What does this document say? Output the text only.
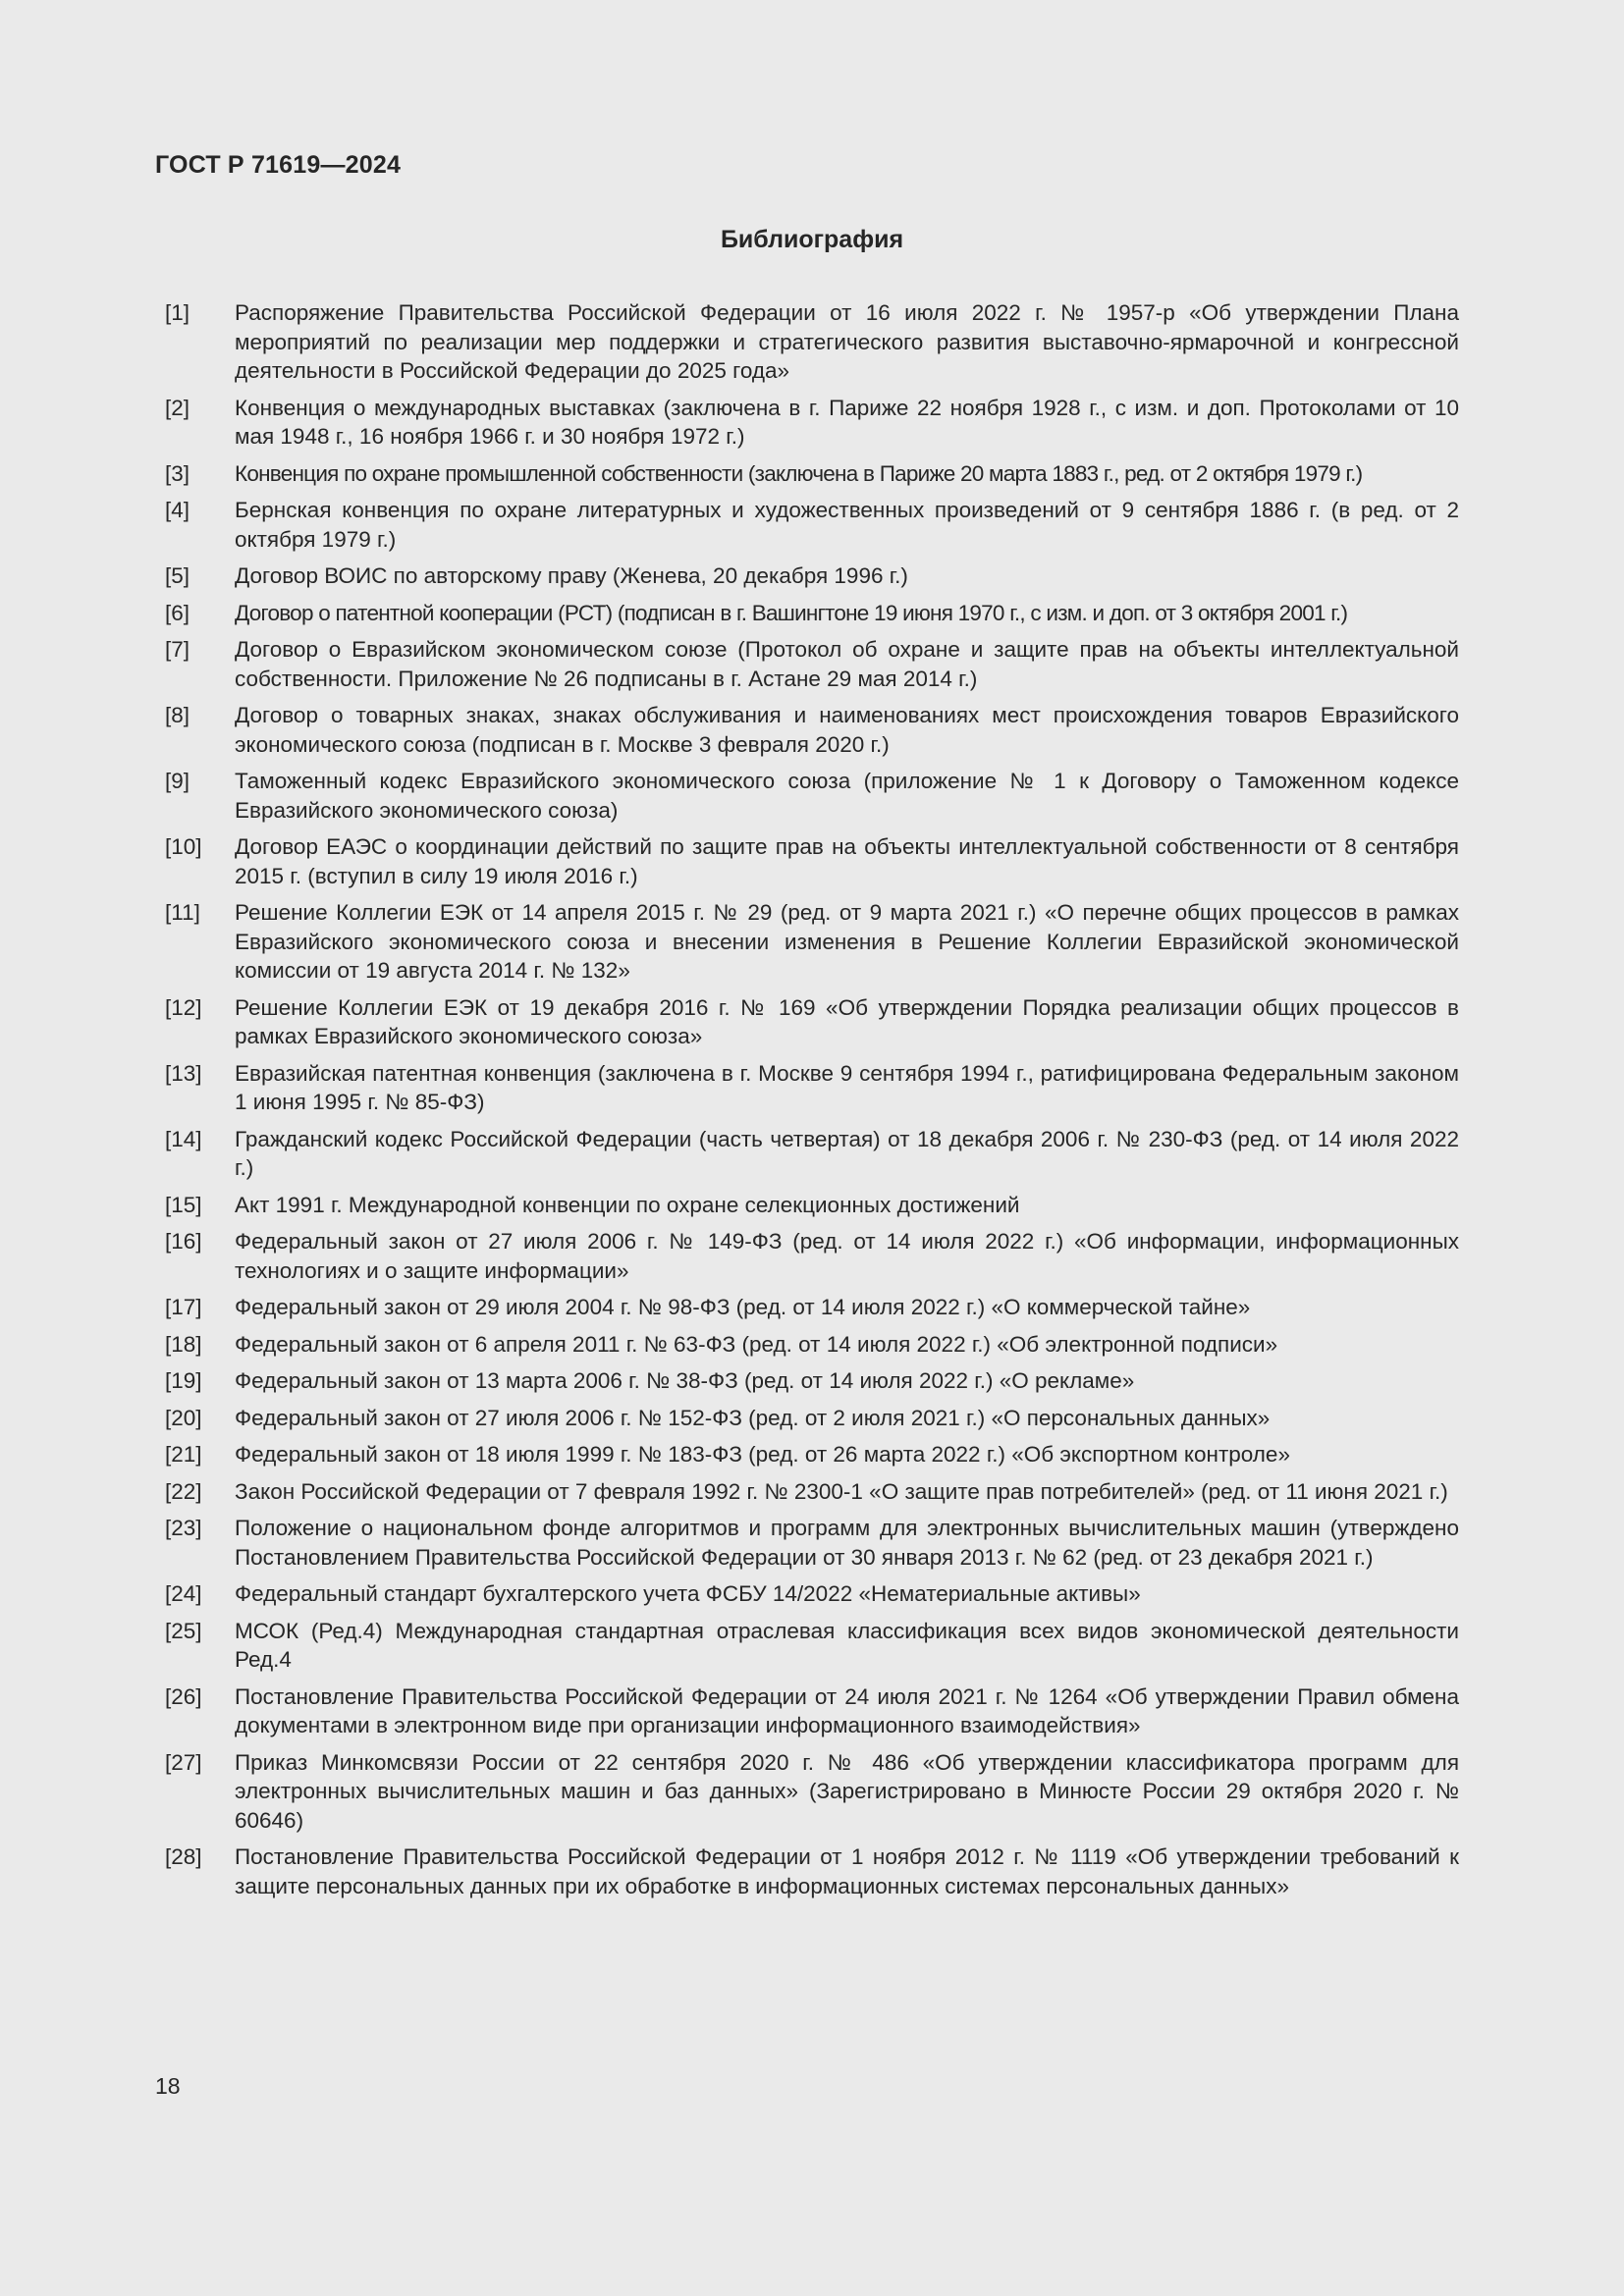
ГОСТ Р 71619—2024
Библиография
[1]	Распоряжение Правительства Российской Федерации от 16 июля 2022 г. № 1957-р «Об утверждении Плана мероприятий по реализации мер поддержки и стратегического развития выставочно-ярмарочной и конгрессной деятельности в Российской Федерации до 2025 года»
[2]	Конвенция о международных выставках (заключена в г. Париже 22 ноября 1928 г., с изм. и доп. Протоколами от 10 мая 1948 г., 16 ноября 1966 г. и 30 ноября 1972 г.)
[3]	Конвенция по охране промышленной собственности (заключена в Париже 20 марта 1883 г., ред. от 2 октября 1979 г.)
[4]	Бернская конвенция по охране литературных и художественных произведений от 9 сентября 1886 г. (в ред. от 2 октября 1979 г.)
[5]	Договор ВОИС по авторскому праву (Женева, 20 декабря 1996 г.)
[6]	Договор о патентной кооперации (РСТ) (подписан в г. Вашингтоне 19 июня 1970 г., с изм. и доп. от 3 октября 2001 г.)
[7]	Договор о Евразийском экономическом союзе (Протокол об охране и защите прав на объекты интеллектуальной собственности. Приложение № 26 подписаны в г. Астане 29 мая 2014 г.)
[8]	Договор о товарных знаках, знаках обслуживания и наименованиях мест происхождения товаров Евразийского экономического союза (подписан в г. Москве 3 февраля 2020 г.)
[9]	Таможенный кодекс Евразийского экономического союза (приложение № 1 к Договору о Таможенном кодексе Евразийского экономического союза)
[10]	Договор ЕАЭС о координации действий по защите прав на объекты интеллектуальной собственности от 8 сентября 2015 г. (вступил в силу 19 июля 2016 г.)
[11]	Решение Коллегии ЕЭК от 14 апреля 2015 г. № 29 (ред. от 9 марта 2021 г.) «О перечне общих процессов в рамках Евразийского экономического союза и внесении изменения в Решение Коллегии Евразийской экономической комиссии от 19 августа 2014 г. № 132»
[12]	Решение Коллегии ЕЭК от 19 декабря 2016 г. № 169 «Об утверждении Порядка реализации общих процессов в рамках Евразийского экономического союза»
[13]	Евразийская патентная конвенция (заключена в г. Москве 9 сентября 1994 г., ратифицирована Федеральным законом 1 июня 1995 г. № 85-ФЗ)
[14]	Гражданский кодекс Российской Федерации (часть четвертая) от 18 декабря 2006 г. № 230-ФЗ (ред. от 14 июля 2022 г.)
[15]	Акт 1991 г. Международной конвенции по охране селекционных достижений
[16]	Федеральный закон от 27 июля 2006 г. № 149-ФЗ (ред. от 14 июля 2022 г.) «Об информации, информационных технологиях и о защите информации»
[17]	Федеральный закон от 29 июля 2004 г. № 98-ФЗ (ред. от 14 июля 2022 г.) «О коммерческой тайне»
[18]	Федеральный закон от 6 апреля 2011 г. № 63-ФЗ (ред. от 14 июля 2022 г.) «Об электронной подписи»
[19]	Федеральный закон от 13 марта 2006 г. № 38-ФЗ (ред. от 14 июля 2022 г.) «О рекламе»
[20]	Федеральный закон от 27 июля 2006 г. № 152-ФЗ (ред. от 2 июля 2021 г.) «О персональных данных»
[21]	Федеральный закон от 18 июля 1999 г. № 183-ФЗ (ред. от 26 марта 2022 г.) «Об экспортном контроле»
[22]	Закон Российской Федерации от 7 февраля 1992 г. № 2300-1 «О защите прав потребителей» (ред. от 11 июня 2021 г.)
[23]	Положение о национальном фонде алгоритмов и программ для электронных вычислительных машин (утверждено Постановлением Правительства Российской Федерации от 30 января 2013 г. № 62 (ред. от 23 декабря 2021 г.)
[24]	Федеральный стандарт бухгалтерского учета ФСБУ 14/2022 «Нематериальные активы»
[25]	МСОК (Ред.4) Международная стандартная отраслевая классификация всех видов экономической деятельности Ред.4
[26]	Постановление Правительства Российской Федерации от 24 июля 2021 г. № 1264 «Об утверждении Правил обмена документами в электронном виде при организации информационного взаимодействия»
[27]	Приказ Минкомсвязи России от 22 сентября 2020 г. № 486 «Об утверждении классификатора программ для электронных вычислительных машин и баз данных» (Зарегистрировано в Минюсте России 29 октября 2020 г. № 60646)
[28]	Постановление Правительства Российской Федерации от 1 ноября 2012 г. № 1119 «Об утверждении требований к защите персональных данных при их обработке в информационных системах персональных данных»
18
